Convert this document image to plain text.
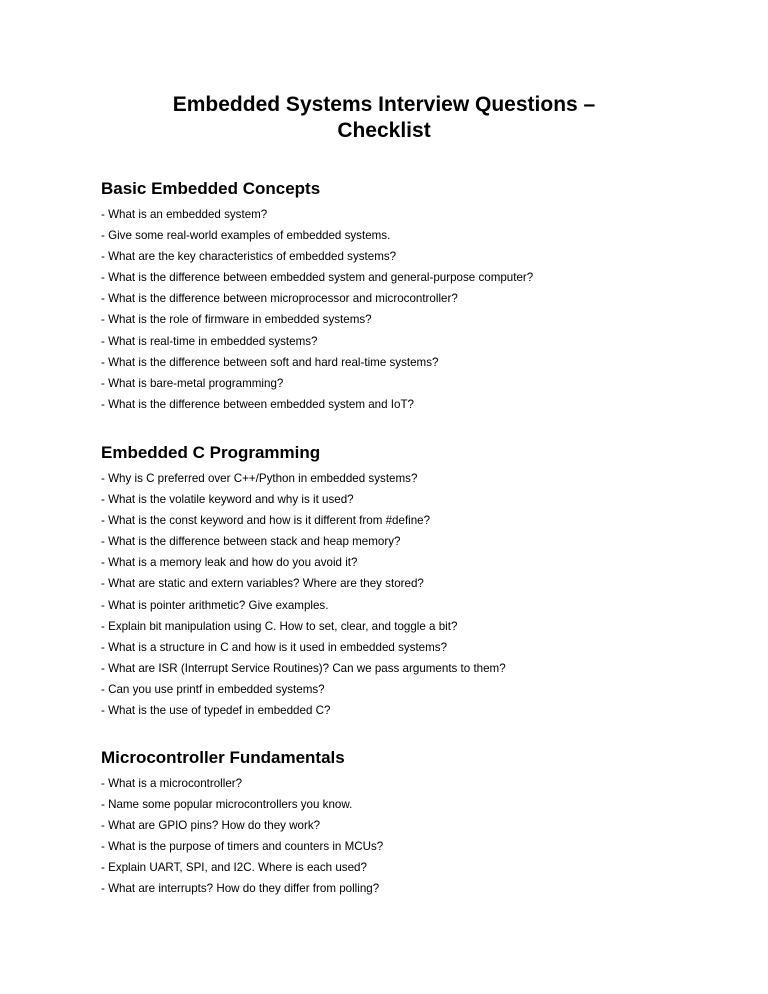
Embedded Systems Interview Questions –
Checklist
Basic Embedded Concepts
- What is an embedded system?
- Give some real-world examples of embedded systems.
- What are the key characteristics of embedded systems?
- What is the difference between embedded system and general-purpose computer?
- What is the difference between microprocessor and microcontroller?
- What is the role of firmware in embedded systems?
- What is real-time in embedded systems?
- What is the difference between soft and hard real-time systems?
- What is bare-metal programming?
- What is the difference between embedded system and IoT?
Embedded C Programming
- Why is C preferred over C++/Python in embedded systems?
- What is the volatile keyword and why is it used?
- What is the const keyword and how is it different from #define?
- What is the difference between stack and heap memory?
- What is a memory leak and how do you avoid it?
- What are static and extern variables? Where are they stored?
- What is pointer arithmetic? Give examples.
- Explain bit manipulation using C. How to set, clear, and toggle a bit?
- What is a structure in C and how is it used in embedded systems?
- What are ISR (Interrupt Service Routines)? Can we pass arguments to them?
- Can you use printf in embedded systems?
- What is the use of typedef in embedded C?
Microcontroller Fundamentals
- What is a microcontroller?
- Name some popular microcontrollers you know.
- What are GPIO pins? How do they work?
- What is the purpose of timers and counters in MCUs?
- Explain UART, SPI, and I2C. Where is each used?
- What are interrupts? How do they differ from polling?
